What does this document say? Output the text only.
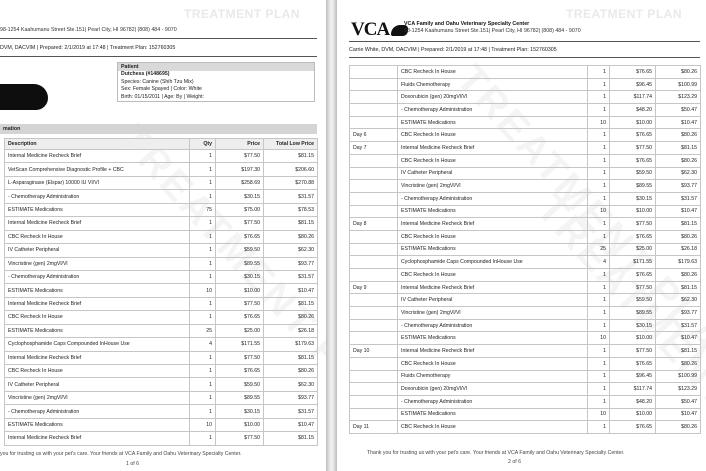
TREATMENT PLAN
98-1254 Kaahumanu Street Ste.151| Pearl City, HI 96782| (808) 484 - 9070
DVM, DACVIM | Prepared: 2/1/2019 at 17:48 | Treatment Plan: 152760305
Patient
Dutchess (#148695)
Species: Canine (Shih Tzu Mix)
Sex: Female Spayed | Color: White
Birth: 01/15/2011 | Age: By | Weight:
mation
Description	Qty	Price	Total Low Price
Internal Medicine Recheck Brief	1	$77.50	$81.15
VetScan Comprehensive Diagnostic Profile + CBC	1	$197.30	$206.60
L-Asparaginase (Elspar) 10000 IU VI/VI	1	$258.69	$270.88
- Chemotherapy Administration	1	$30.15	$31.57
ESTIMATE Medications	75	$75.00	$78.53
Internal Medicine Recheck Brief	1	$77.50	$81.15
CBC Recheck In House	1	$76.65	$80.26
IV Catheter Peripheral	1	$59.50	$62.30
Vincristine (gen) 2mgVl/Vl	1	$89.55	$93.77
- Chemotherapy Administration	1	$30.15	$31.57
ESTIMATE Medications	10	$10.00	$10.47
Internal Medicine Recheck Brief	1	$77.50	$81.15
CBC Recheck In House	1	$76.65	$80.26
ESTIMATE Medications	25	$25.00	$26.18
Cyclophosphamide Caps Compounded InHouse Use	4	$171.55	$179.63
Internal Medicine Recheck Brief	1	$77.50	$81.15
CBC Recheck In House	1	$76.65	$80.26
IV Catheter Peripheral	1	$59.50	$62.30
Vincristine (gen) 2mgVl/Vl	1	$89.55	$93.77
- Chemotherapy Administration	1	$30.15	$31.57
ESTIMATE Medications	10	$10.00	$10.47
Internal Medicine Recheck Brief	1	$77.50	$81.15
you for trusting us with your pet's care. Your friends at VCA Family and Oahu Veterinary Specialty Center.
1 of 6
TREATMENT PLAN
VCA	VCA Family and Oahu Veterinary Specialty Center
98-1254 Kaahumanu Street Ste.151| Pearl City, HI 96782| (808) 484 - 9070
Carrie White, DVM, DACVIM | Prepared: 2/1/2019 at 17:48 | Treatment Plan: 152760305
	CBC Recheck In House	1	$76.65	$80.26
	Fluids Chemotherapy	1	$96.45	$100.99
	Doxorubicin (gen) 20mgVl/Vl	1	$117.74	$123.29
	- Chemotherapy Administration	1	$48.20	$50.47
	ESTIMATE Medications	10	$10.00	$10.47
Day 6	CBC Recheck In House	1	$76.65	$80.26
Day 7	Internal Medicine Recheck Brief	1	$77.50	$81.15
	CBC Recheck In House	1	$76.65	$80.26
	IV Catheter Peripheral	1	$59.50	$62.30
	Vincristine (gen) 2mgVl/Vl	1	$89.55	$93.77
	- Chemotherapy Administration	1	$30.15	$31.57
	ESTIMATE Medications	10	$10.00	$10.47
Day 8	Internal Medicine Recheck Brief	1	$77.50	$81.15
	CBC Recheck In House	1	$76.65	$80.26
	ESTIMATE Medications	25	$25.00	$26.18
	Cyclophosphamide Caps Compounded InHouse Use	4	$171.55	$179.63
	CBC Recheck In House	1	$76.65	$80.26
Day 9	Internal Medicine Recheck Brief	1	$77.50	$81.15
	IV Catheter Peripheral	1	$59.50	$62.30
	Vincristine (gen) 2mgVl/Vl	1	$89.55	$93.77
	- Chemotherapy Administration	1	$30.15	$31.57
	ESTIMATE Medications	10	$10.00	$10.47
Day 10	Internal Medicine Recheck Brief	1	$77.50	$81.15
	CBC Recheck In House	1	$76.65	$80.26
	Fluids Chemotherapy	1	$96.45	$100.99
	Doxorubicin (gen) 20mgVl/Vl	1	$117.74	$123.29
	- Chemotherapy Administration	1	$48.20	$50.47
	ESTIMATE Medications	10	$10.00	$10.47
Day 11	CBC Recheck In House	1	$76.65	$80.26
Thank you for trusting us with your pet's care. Your friends at VCA Family and Oahu Veterinary Specialty Center.
2 of 6
